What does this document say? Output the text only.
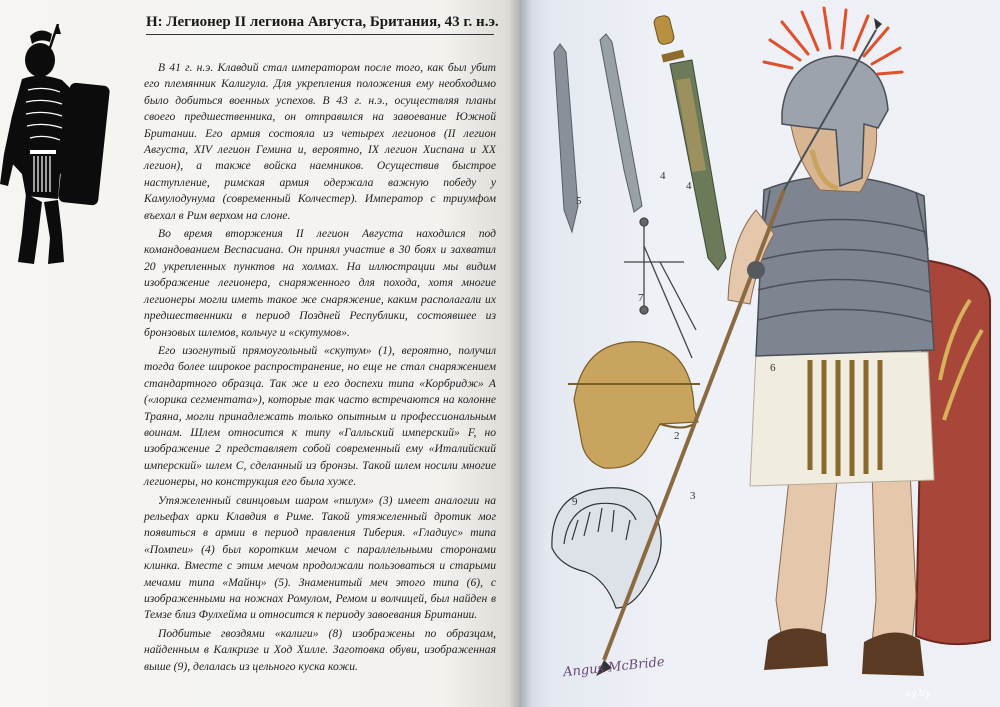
H: Легионер II легиона Августа, Британия, 43 г. н.э.

В 41 г. н.э. Клавдий стал императором после того, как был убит его племянник Калигула. Для укрепления положения ему необходимо было добиться военных успехов. В 43 г. н.э., осуществляя планы своего предшественника, он отправился на завоевание Южной Британии. Его армия состояла из четырех легионов (II легион Августа, XIV легион Гемина и, вероятно, IX легион Хиспана и XX легион), а также войска наемников. Осуществив быстрое наступление, римская армия одержала важную победу у Камулодунума (современный Колчестер). Император с триумфом въехал в Рим верхом на слоне.

Во время вторжения II легион Августа находился под командованием Веспасиана. Он принял участие в 30 боях и захватил 20 укрепленных пунктов на холмах. На иллюстрации мы видим изображение легионера, снаряженного для похода, хотя многие легионеры могли иметь такое же снаряжение, каким располагали их предшественники в период Поздней Республики, состоявшее из бронзовых шлемов, кольчуг и «скутумов».

Его изогнутый прямоугольный «скутум» (1), вероятно, получил тогда более широкое распространение, но еще не стал снаряжением стандартного образца. Так же и его доспехи типа «Корбридж» А («лорика сегментата»), которые так часто встречаются на колонне Траяна, могли принадлежать только опытным и профессиональным воинам. Шлем относится к типу «Галльский имперский» F, но изображение 2 представляет собой современный ему «Италийский имперский» шлем С, сделанный из бронзы. Такой шлем носили многие легионеры, но конструкция его была хуже.

Утяжеленный свинцовым шаром «пилум» (3) имеет аналогии на рельефах арки Клавдия в Риме. Такой утяжеленный дротик мог появиться в армии в период правления Тиберия. «Гладиус» типа «Помпеи» (4) был коротким мечом с параллельными сторонами клинка. Вместе с этим мечом продолжали пользоваться и старыми мечами типа «Майнц» (5). Знаменитый меч этого типа (6), с изображенными на ножнах Ромулом, Ремом и волчицей, был найден в Темзе близ Фулхейма и относится к периоду завоевания Британии.

Подбитые гвоздями «калиги» (8) изображены по образцам, найденным в Калкризе и Ход Хилле. Заготовка обуви, изображенная выше (9), делалась из цельного куска кожи.

5
4
4
7
2
3
9
6
Angus McBride
ay.by
